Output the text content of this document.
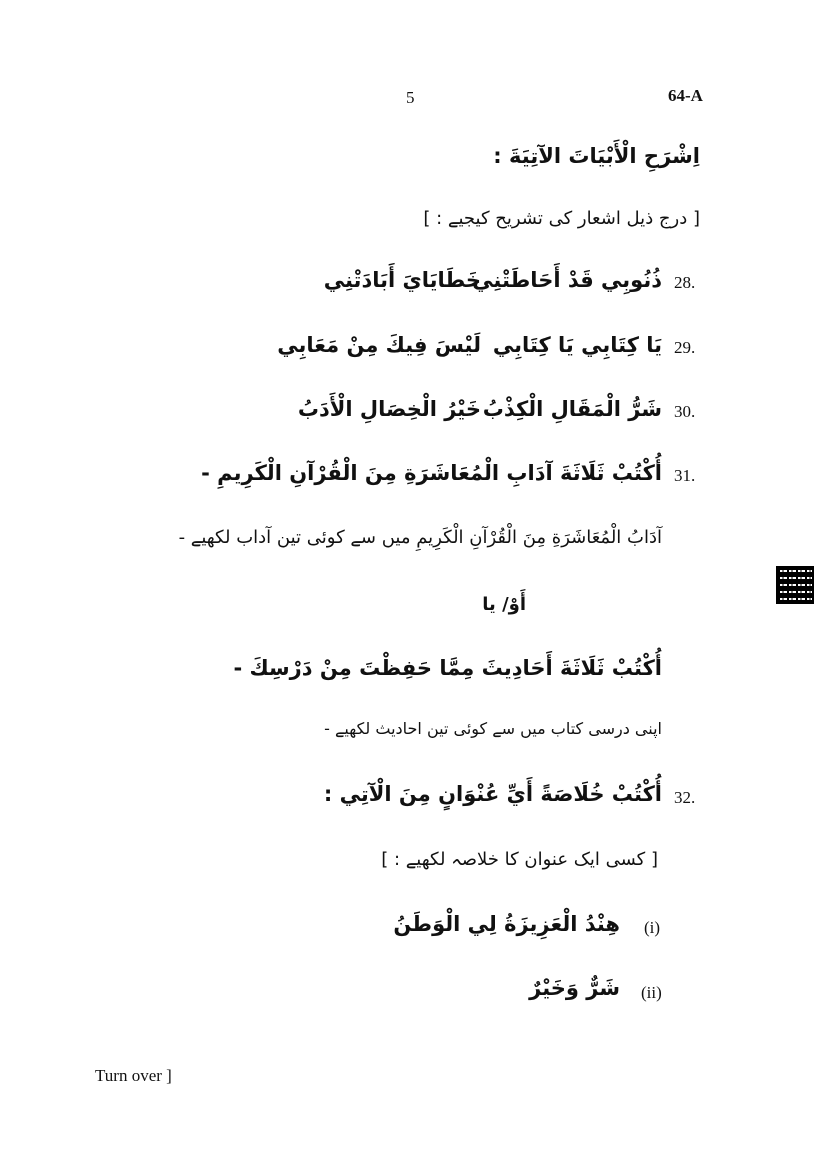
5	64-A
اِشْرَحِ الْأَبْيَاتَ الآتِيَةَ :
[ درج ذیل اشعار کی تشریح کیجیے : ]
28.
ذُنُوبِي قَدْ أَحَاطَتْنِي
خَطَايَايَ أَبَادَتْنِي
29.
يَا كِتَابِي يَا كِتَابِي
لَيْسَ فِيكَ مِنْ مَعَابِي
30.
شَرُّ الْمَقَالِ الْكِذْبُ
خَيْرُ الْخِصَالِ الْأَدَبُ
31.
أُكْتُبْ ثَلَاثَةَ آدَابِ الْمُعَاشَرَةِ مِنَ الْقُرْآنِ الْكَرِيمِ -
آدَابُ الْمُعَاشَرَةِ مِنَ الْقُرْآنِ الْكَرِيمِ میں سے کوئی تین آداب لکھیے -
أَوْ/ یا
أُكْتُبْ ثَلَاثَةَ أَحَادِيثَ مِمَّا حَفِظْتَ مِنْ دَرْسِكَ -
اپنی درسی کتاب میں سے کوئی تین احادیث لکھیے -
32.
أُكْتُبْ خُلَاصَةً أَيِّ عُنْوَانٍ مِنَ الْآتِي :
[ کسی ایک عنوان کا خلاصہ لکھیے : ]
(i)
هِنْدُ الْعَزِيزَةُ لِي الْوَطَنُ
(ii)
شَرٌّ وَخَيْرٌ
Turn over ]
